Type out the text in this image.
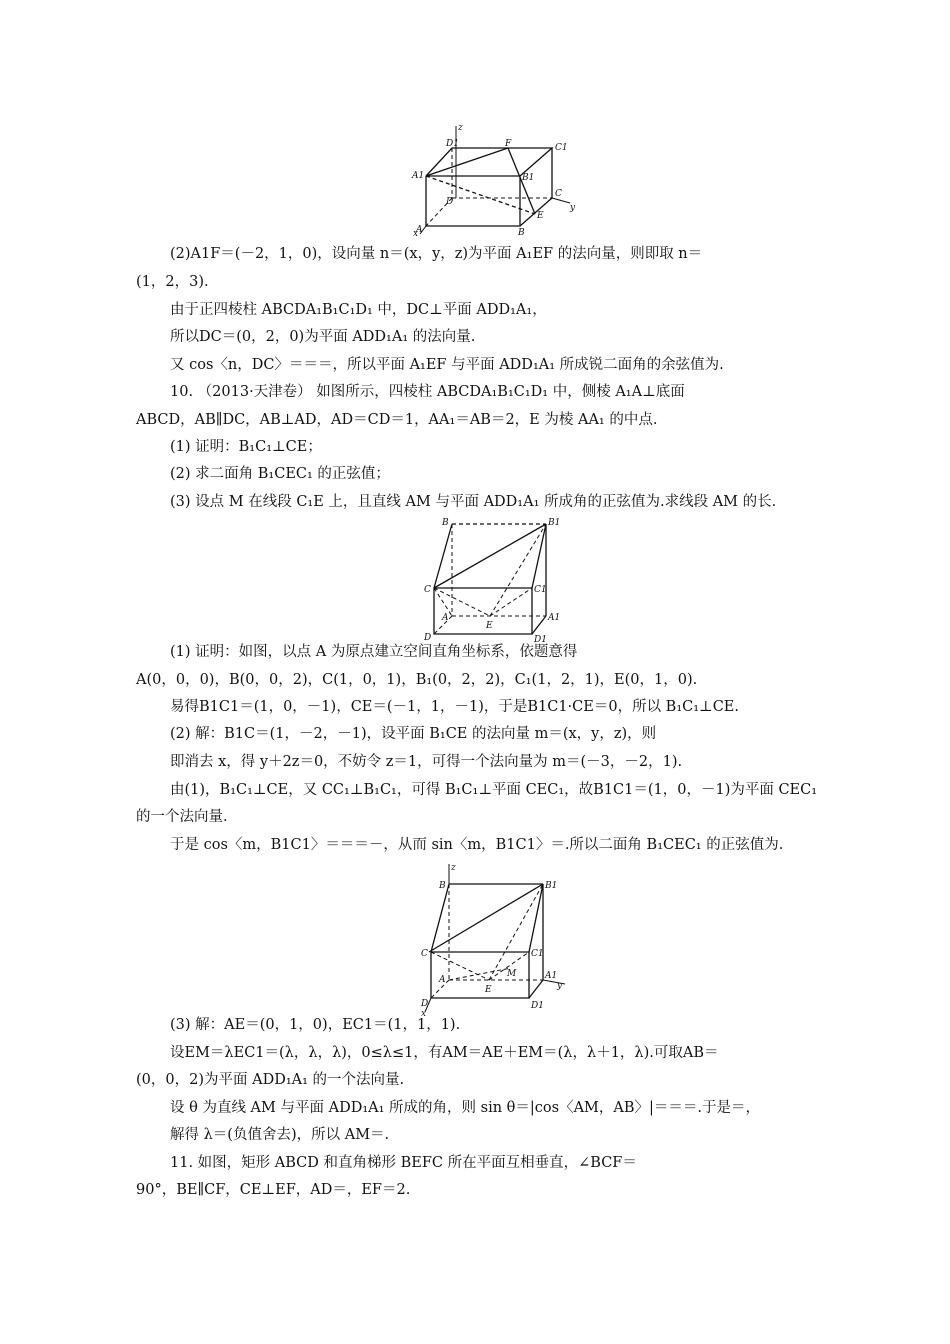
z
D1	F	C1
A1	B1
D
C
A	B
E
y
x
(2)A1F＝(－2，1，0)，设向量 n＝(x，y，z)为平面 A₁EF 的法向量，则即取 n＝
(1，2，3).
由于正四棱柱 ABCDA₁B₁C₁D₁ 中，DC⊥平面 ADD₁A₁，
所以DC＝(0，2，0)为平面 ADD₁A₁ 的法向量.
又 cos〈n，DC〉＝＝＝，所以平面 A₁EF 与平面 ADD₁A₁ 所成锐二面角的余弦值为.
10. （2013·天津卷） 如图所示，四棱柱 ABCDA₁B₁C₁D₁ 中，侧棱 A₁A⊥底面
ABCD，AB∥DC，AB⊥AD，AD＝CD＝1，AA₁＝AB＝2，E 为棱 AA₁ 的中点.
(1) 证明：B₁C₁⊥CE；
(2) 求二面角 B₁CEC₁ 的正弦值；
(3) 设点 M 在线段 C₁E 上，且直线 AM 与平面 ADD₁A₁ 所成角的正弦值为.求线段 AM 的长.
B	B1
C	C1
A	A1
E
D	D1
(1) 证明：如图，以点 A 为原点建立空间直角坐标系，依题意得
A(0，0，0)，B(0，0，2)，C(1，0，1)，B₁(0，2，2)，C₁(1，2，1)，E(0，1，0).
易得B1C1＝(1，0，－1)，CE＝(－1，1，－1)，于是B1C1·CE＝0，所以 B₁C₁⊥CE.
(2) 解：B1C＝(1，－2，－1)，设平面 B₁CE 的法向量 m＝(x，y，z)，则
即消去 x，得 y＋2z＝0，不妨令 z＝1，可得一个法向量为 m＝(－3，－2，1).
由(1)，B₁C₁⊥CE，又 CC₁⊥B₁C₁，可得 B₁C₁⊥平面 CEC₁，故B1C1＝(1，0，－1)为平面 CEC₁
的一个法向量.
于是 cos〈m，B1C1〉＝＝＝－，从而 sin〈m，B1C1〉＝.所以二面角 B₁CEC₁ 的正弦值为.
z
B	B1
C	C1
A	A1
M
E
D	D1
y
x
(3) 解：AE＝(0，1，0)，EC1＝(1，1，1).
设EM＝λEC1＝(λ，λ，λ)，0≤λ≤1，有AM＝AE＋EM＝(λ，λ＋1，λ).可取AB＝
(0，0，2)为平面 ADD₁A₁ 的一个法向量.
设 θ 为直线 AM 与平面 ADD₁A₁ 所成的角，则 sin θ＝|cos〈AM，AB〉|＝＝＝.于是＝，
解得 λ＝(负值舍去)，所以 AM＝.
11. 如图，矩形 ABCD 和直角梯形 BEFC 所在平面互相垂直，∠BCF＝
90°，BE∥CF，CE⊥EF，AD＝，EF＝2.
